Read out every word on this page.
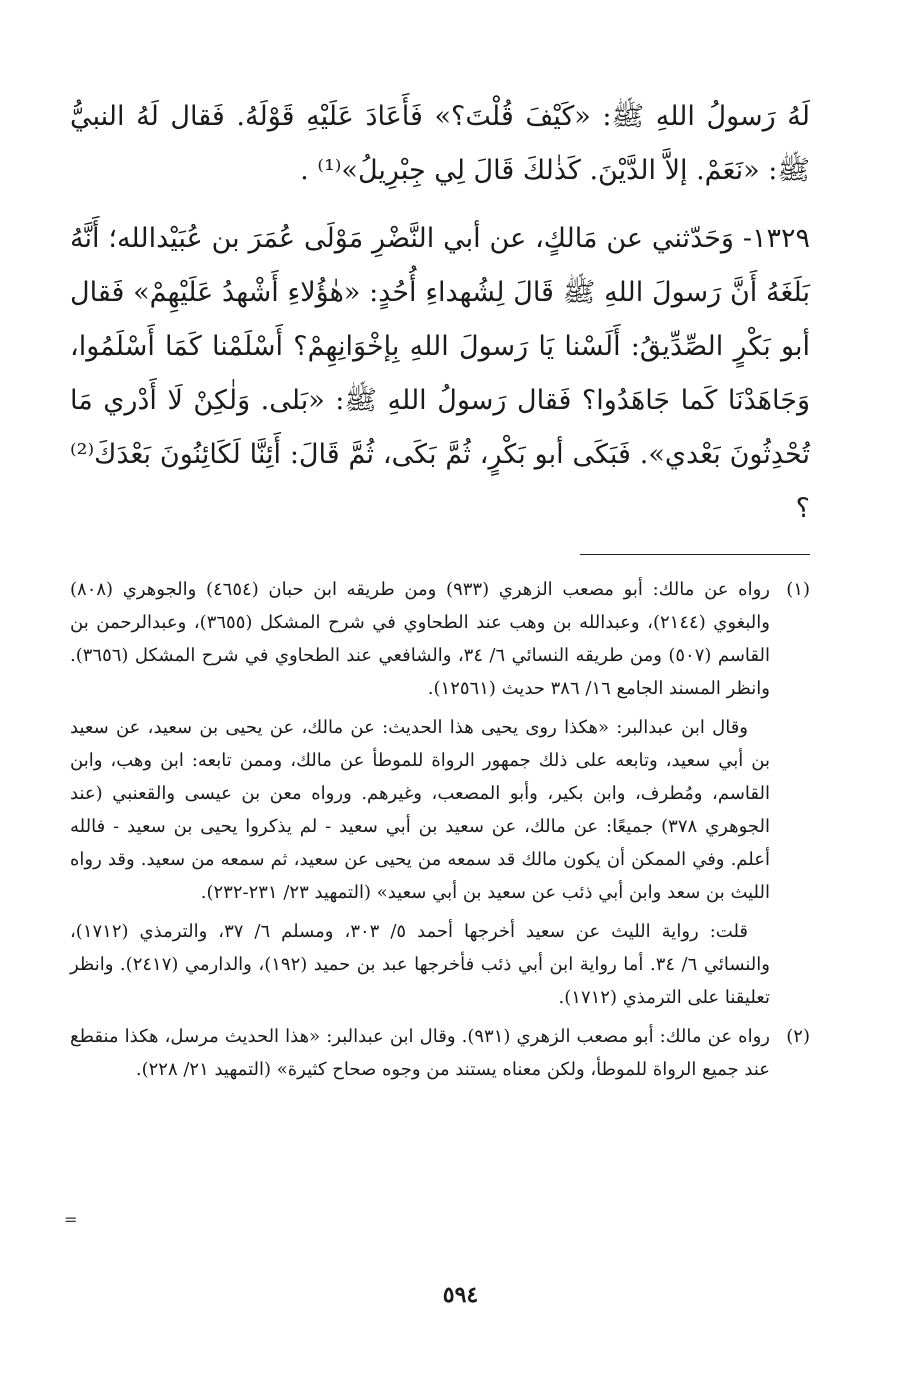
لَهُ رَسولُ اللهِ ﷺ: «كَيْفَ قُلْتَ؟» فَأَعَادَ عَلَيْهِ قَوْلَهُ. فَقال لَهُ النبيُّ ﷺ: «نَعَمْ. إلاَّ الدَّيْنَ. كَذٰلكَ قَالَ لِي جِبْرِيلُ»⁽¹⁾ .

١٣٢٩- وَحَدّثني عن مَالكٍ، عن أبي النَّضْرِ مَوْلَى عُمَرَ بن عُبَيْدالله؛ أَنَّهُ بَلَغَهُ أَنَّ رَسولَ اللهِ ﷺ قَالَ لِشُهداءِ أُحُدٍ: «هٰؤُلاءِ أَشْهدُ عَلَيْهِمْ» فَقال أبو بَكْرٍ الصِّدِّيقُ: أَلَسْنا يَا رَسولَ اللهِ بِإخْوَانِهِمْ؟ أَسْلَمْنا كَمَا أَسْلَمُوا، وَجَاهَدْنَا كَما جَاهَدُوا؟ فَقال رَسولُ اللهِ ﷺ: «بَلى. وَلٰكِنْ لَا أَدْري مَا تُحْدِثُونَ بَعْدي». فَبَكَى أبو بَكْرٍ، ثُمَّ بَكَى، ثُمَّ قَالَ: أَئِنَّا لَكَائِنُونَ بَعْدَكَ⁽²⁾ ؟

(١)

رواه عن مالك: أبو مصعب الزهري (٩٣٣) ومن طريقه ابن حبان (٤٦٥٤) والجوهري (٨٠٨) والبغوي (٢١٤٤)، وعبدالله بن وهب عند الطحاوي في شرح المشكل (٣٦٥٥)، وعبدالرحمن بن القاسم (٥٠٧) ومن طريقه النسائي ٦/ ٣٤، والشافعي عند الطحاوي في شرح المشكل (٣٦٥٦). وانظر المسند الجامع ١٦/ ٣٨٦ حديث (١٢٥٦١).

وقال ابن عبدالبر: «هكذا روى يحيى هذا الحديث: عن مالك، عن يحيى بن سعيد، عن سعيد بن أبي سعيد، وتابعه على ذلك جمهور الرواة للموطأ عن مالك، وممن تابعه: ابن وهب، وابن القاسم، ومُطرف، وابن بكير، وأبو المصعب، وغيرهم. ورواه معن بن عيسى والقعنبي (عند الجوهري ٣٧٨) جميعًا: عن مالك، عن سعيد بن أبي سعيد - لم يذكروا يحيى بن سعيد - فالله أعلم. وفي الممكن أن يكون مالك قد سمعه من يحيى عن سعيد، ثم سمعه من سعيد. وقد رواه الليث بن سعد وابن أبي ذئب عن سعيد بن أبي سعيد» (التمهيد ٢٣/ ٢٣١-٢٣٢).

قلت: رواية الليث عن سعيد أخرجها أحمد ٥/ ٣٠٣، ومسلم ٦/ ٣٧، والترمذي (١٧١٢)، والنسائي ٦/ ٣٤. أما رواية ابن أبي ذئب فأخرجها عبد بن حميد (١٩٢)، والدارمي (٢٤١٧). وانظر تعليقنا على الترمذي (١٧١٢).

(٢)

رواه عن مالك: أبو مصعب الزهري (٩٣١). وقال ابن عبدالبر: «هذا الحديث مرسل، هكذا منقطع عند جميع الرواة للموطأ، ولكن معناه يستند من وجوه صحاح كثيرة» (التمهيد ٢١/ ٢٢٨).

=
٥٩٤
